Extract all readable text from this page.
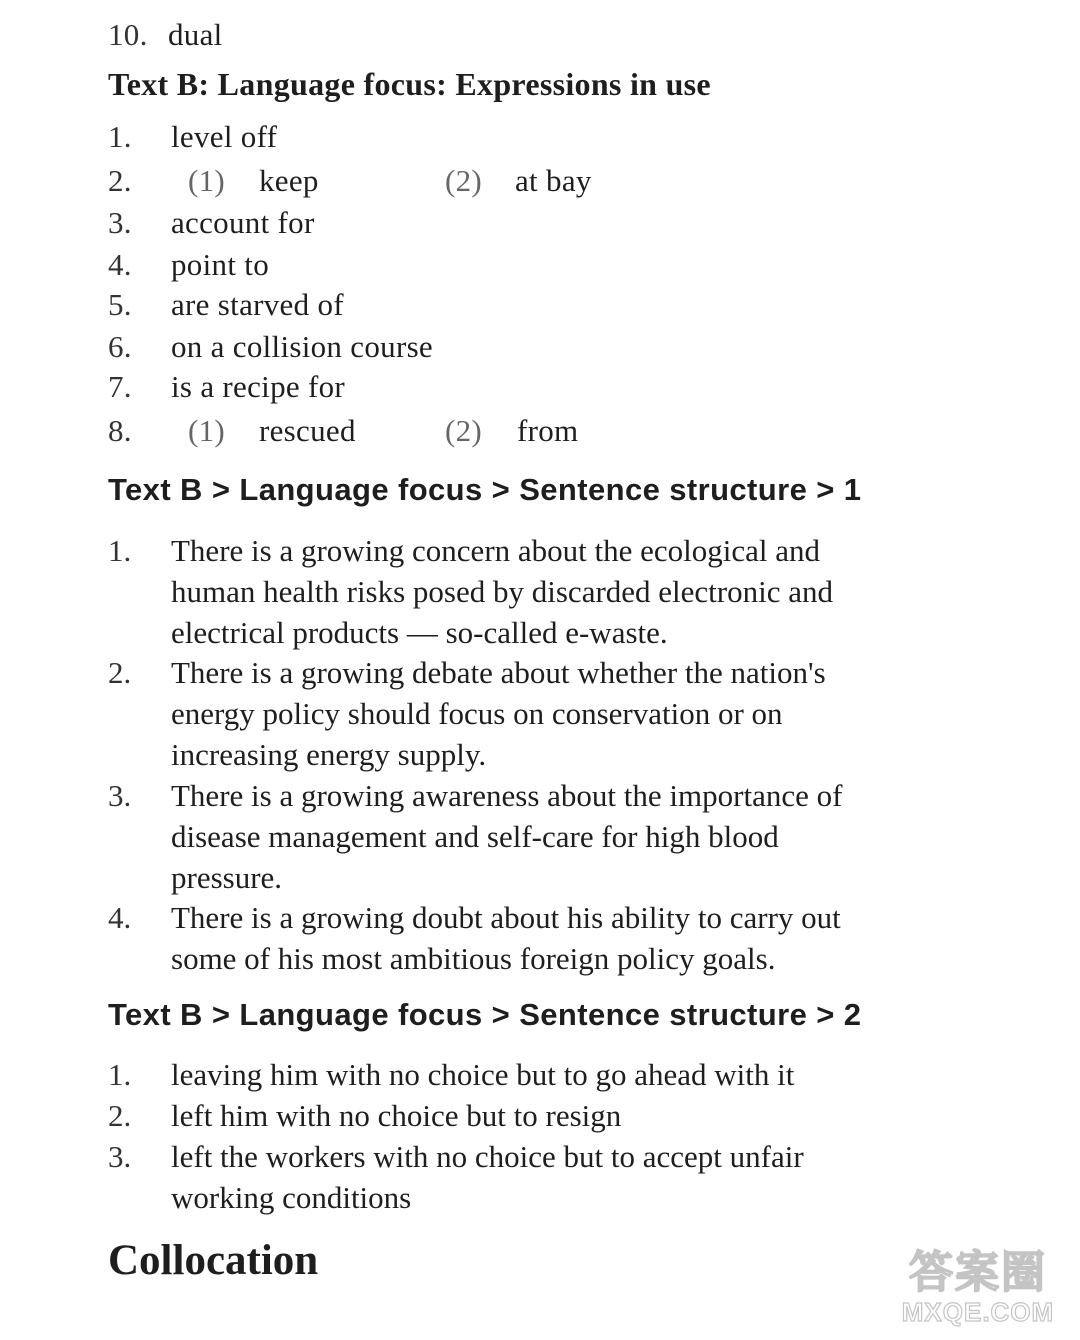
10. dual
Text B: Language focus: Expressions in use
1.	level off
2.	(1) keep	(2) at bay
3.	account for
4.	point to
5.	are starved of
6.	on a collision course
7.	is a recipe for
8.	(1) rescued	(2) from
Text B > Language focus > Sentence structure > 1
1.	There is a growing concern about the ecological and
human health risks posed by discarded electronic and
electrical products — so-called e-waste.
2.	There is a growing debate about whether the nation's
energy policy should focus on conservation or on
increasing energy supply.
3.	There is a growing awareness about the importance of
disease management and self-care for high blood
pressure.
4.	There is a growing doubt about his ability to carry out
some of his most ambitious foreign policy goals.
Text B > Language focus > Sentence structure > 2
1.	leaving him with no choice but to go ahead with it
2.	left him with no choice but to resign
3.	left the workers with no choice but to accept unfair
working conditions
Collocation	答案圈
MXQE.COM
